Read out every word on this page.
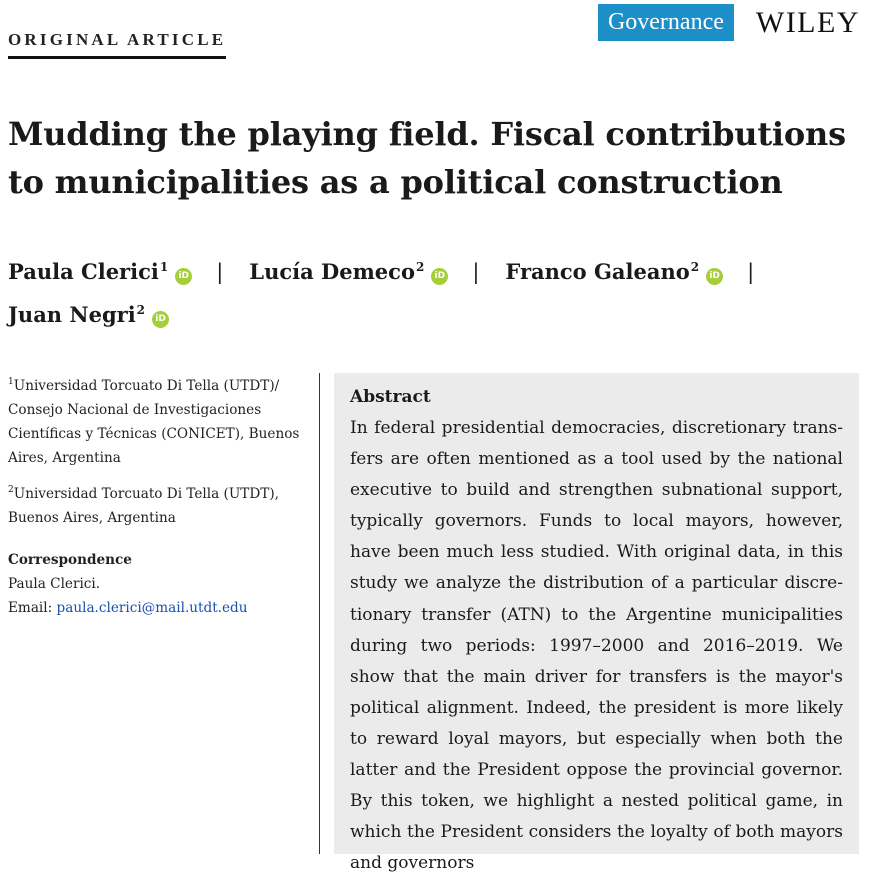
ORIGINAL ARTICLE
Governance	WILEY
Mudding the playing field. Fiscal contributions to municipalities as a political construction
Paula Clerici$^1$iD | Lucía Demeco$^2$iD | Franco Galeano$^2$iD |
Juan Negri$^2$iD

$^1$Universidad Torcuato Di Tella (UTDT)/ Consejo Nacional de Investigaciones Científicas y Técnicas (CONICET), Buenos Aires, Argentina

$^2$Universidad Torcuato Di Tella (UTDT), Buenos Aires, Argentina

Correspondence
Paula Clerici.
Email: paula.clerici@mail.utdt.edu
Abstract

In federal presidential democracies, discretionary transfers are often mentioned as a tool used by the national executive to build and strengthen subnational support, typically governors. Funds to local mayors, however, have been much less studied. With original data, in this study we analyze the distribution of a particular discretionary transfer (ATN) to the Argentine municipalities during two periods: 1997–2000 and 2016–2019. We show that the main driver for transfers is the mayor's political alignment. Indeed, the president is more likely to reward loyal mayors, but especially when both the latter and the President oppose the provincial governor. By this token, we highlight a nested political game, in which the President considers the loyalty of both mayors and governors
